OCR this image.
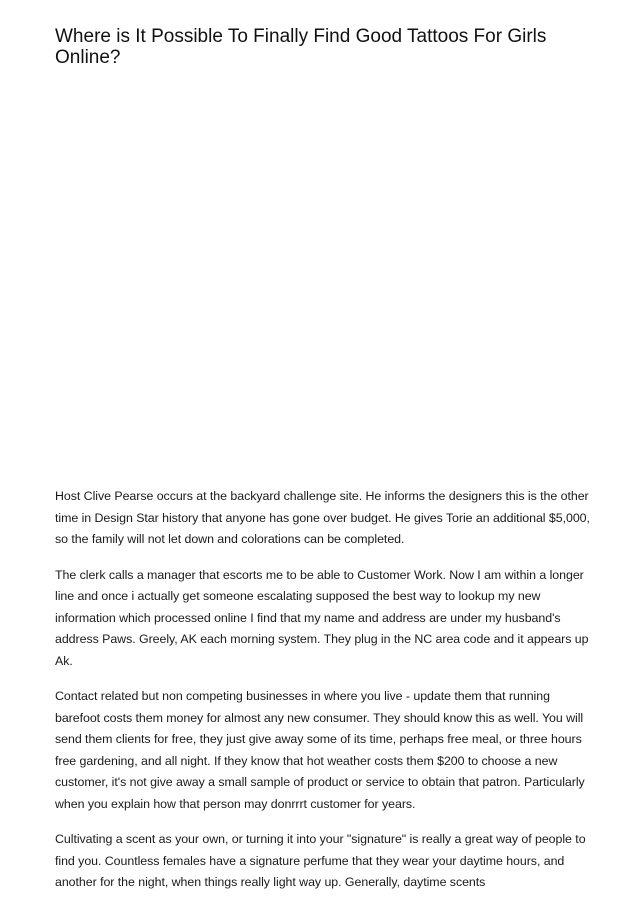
Where is It Possible To Finally Find Good Tattoos For Girls Online?

Host Clive Pearse occurs at the backyard challenge site. He informs the designers this is the other time in Design Star history that anyone has gone over budget. He gives Torie an additional $5,000, so the family will not let down and colorations can be completed.

The clerk calls a manager that escorts me to be able to Customer Work. Now I am within a longer line and once i actually get someone escalating supposed the best way to lookup my new information which processed online I find that my name and address are under my husband's address Paws. Greely, AK each morning system. They plug in the NC area code and it appears up Ak.

Contact related but non competing businesses in where you live - update them that running barefoot costs them money for almost any new consumer. They should know this as well. You will send them clients for free, they just give away some of its time, perhaps free meal, or three hours free gardening, and all night. If they know that hot weather costs them $200 to choose a new customer, it's not give away a small sample of product or service to obtain that patron. Particularly when you explain how that person may donrrrt customer for years.

Cultivating a scent as your own, or turning it into your "signature" is really a great way of people to find you. Countless females have a signature perfume that they wear your daytime hours, and another for the night, when things really light way up. Generally, daytime scents
